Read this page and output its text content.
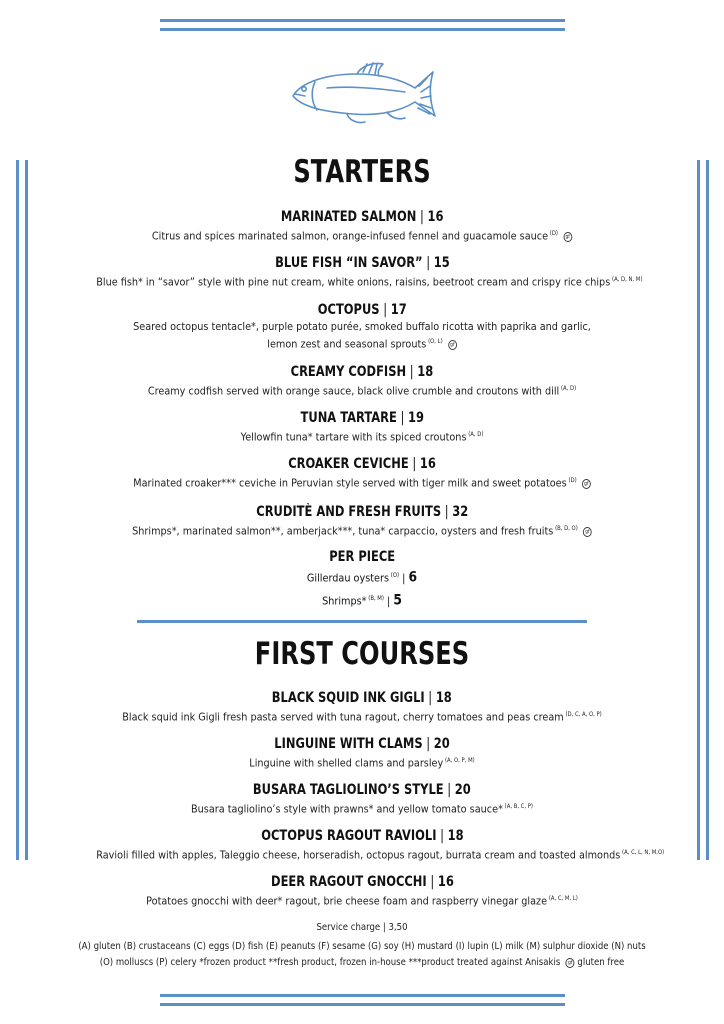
STARTERS
MARINATED SALMON | 16
Citrus and spices marinated salmon, orange-infused fennel and guacamole sauce $^{(D)}$ gf
BLUE FISH “IN SAVOR” | 15
Blue fish* in “savor” style with pine nut cream, white onions, raisins, beetroot cream and crispy rice chips $^{(A, D, N, M)}$
OCTOPUS | 17
Seared octopus tentacle*, purple potato purée, smoked buffalo ricotta with paprika and garlic,
lemon zest and seasonal sprouts $^{(O, L)}$ gf
CREAMY CODFISH | 18
Creamy codfish served with orange sauce, black olive crumble and croutons with dill $^{(A, D)}$
TUNA TARTARE | 19
Yellowfin tuna* tartare with its spiced croutons $^{(A, D)}$
CROAKER CEVICHE | 16
Marinated croaker*** ceviche in Peruvian style served with tiger milk and sweet potatoes $^{(D)}$ gf
CRUDITÈ AND FRESH FRUITS | 32
Shrimps*, marinated salmon**, amberjack***, tuna* carpaccio, oysters and fresh fruits $^{(B, D, O)}$ gf
PER PIECE
Gillerdau oysters $^{(O)}$ | 6
Shrimps* $^{(B, M)}$ | 5
FIRST COURSES
BLACK SQUID INK GIGLI | 18
Black squid ink Gigli fresh pasta served with tuna ragout, cherry tomatoes and peas cream $^{(D, C, A, O, P)}$
LINGUINE WITH CLAMS | 20
Linguine with shelled clams and parsley $^{(A, O, P, M)}$
BUSARA TAGLIOLINO’S STYLE | 20
Busara tagliolino’s style with prawns* and yellow tomato sauce* $^{(A, B, C, P)}$
OCTOPUS RAGOUT RAVIOLI | 18
Ravioli filled with apples, Taleggio cheese, horseradish, octopus ragout, burrata cream and toasted almonds $^{(A, C, L, N, M,O)}$
DEER RAGOUT GNOCCHI | 16
Potatoes gnocchi with deer* ragout, brie cheese foam and raspberry vinegar glaze $^{(A, C, M, L)}$
Service charge | 3,50
(A) gluten (B) crustaceans (C) eggs (D) fish (E) peanuts (F) sesame (G) soy (H) mustard (I) lupin (L) milk (M) sulphur dioxide (N) nuts
(O) molluscs (P) celery *frozen product **fresh product, frozen in-house ***product treated against Anisakis gf gluten free
